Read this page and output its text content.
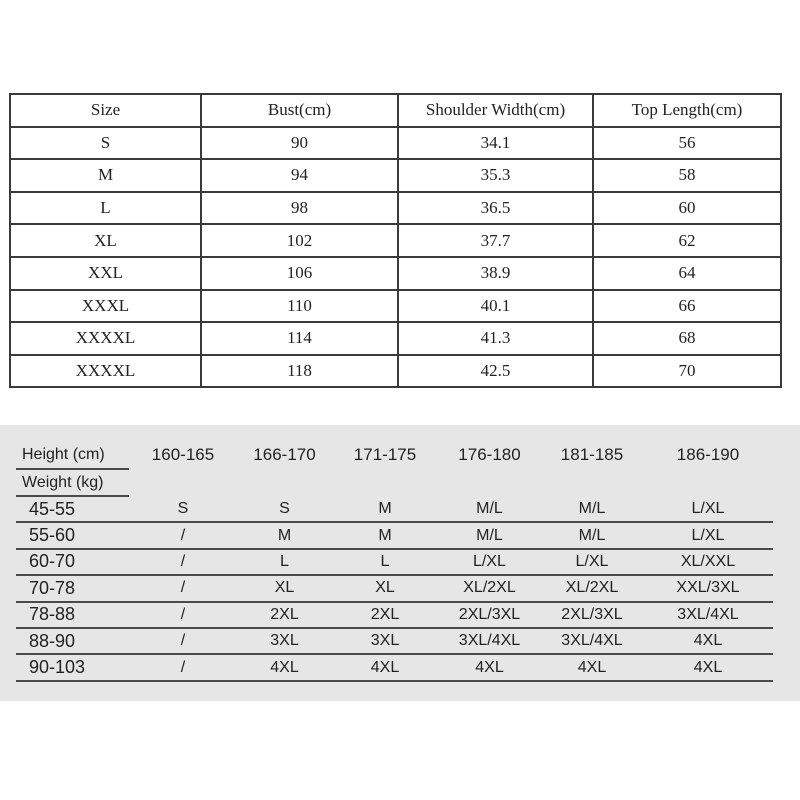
Size	Bust(cm)	Shoulder Width(cm)	Top Length(cm)
S	90	34.1	56
M	94	35.3	58
L	98	36.5	60
XL	102	37.7	62
XXL	106	38.9	64
XXXL	110	40.1	66
XXXXL	114	41.3	68
XXXXL	118	42.5	70
Height (cm)	160-165	166-170	171-175	176-180	181-185	186-190
Weight (kg)						
45-55	S	S	M	M/L	M/L	L/XL
55-60	/	M	M	M/L	M/L	L/XL
60-70	/	L	L	L/XL	L/XL	XL/XXL
70-78	/	XL	XL	XL/2XL	XL/2XL	XXL/3XL
78-88	/	2XL	2XL	2XL/3XL	2XL/3XL	3XL/4XL
88-90	/	3XL	3XL	3XL/4XL	3XL/4XL	4XL
90-103	/	4XL	4XL	4XL	4XL	4XL
